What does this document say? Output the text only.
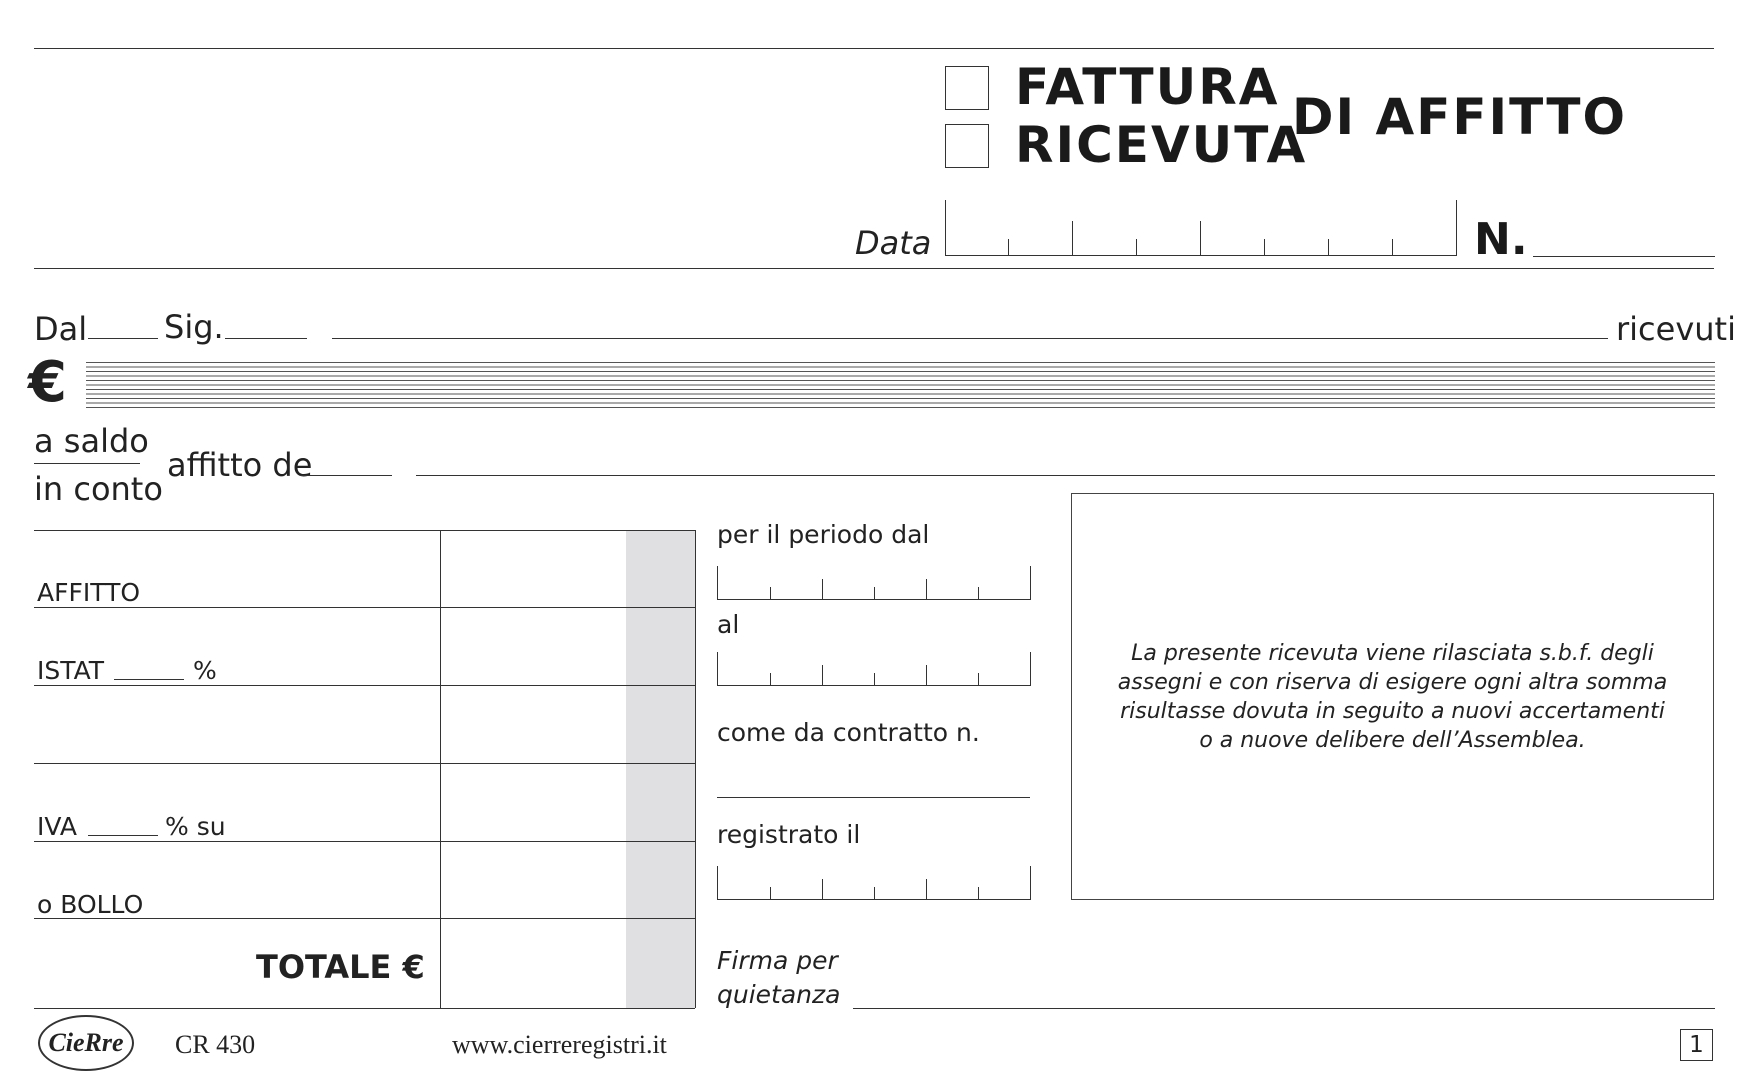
FATTURA
RICEVUTA
DI AFFITTO
Data	N.
Dal Sig.	ricevuti
€
a saldo
in conto
affitto de
AFFITTO
ISTAT	%
IVA	% su
o BOLLO
TOTALE €
per il periodo dal
al
come da contratto n.
registrato il
La presente ricevuta viene rilasciata s.b.f. degli assegni e con riserva di esigere ogni altra somma risultasse dovuta in seguito a nuovi accertamenti o a nuove delibere dell’Assemblea.
Firma per
quietanza
CieRre CR 430	www.cierreregistri.it	1
